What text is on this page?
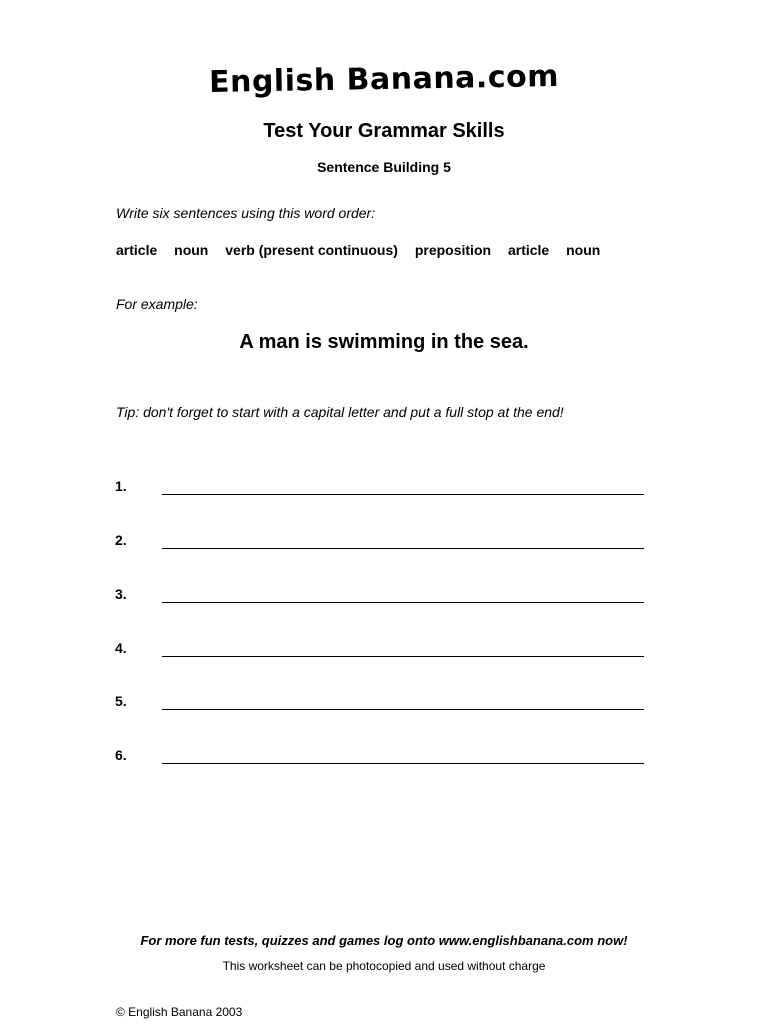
English Banana.com
Test Your Grammar Skills
Sentence Building 5
Write six sentences using this word order:
article noun verb (present continuous) preposition article noun
For example:
A man is swimming in the sea.
Tip: don't forget to start with a capital letter and put a full stop at the end!
1.
2.
3.
4.
5.
6.
For more fun tests, quizzes and games log onto www.englishbanana.com now!
This worksheet can be photocopied and used without charge
© English Banana 2003
